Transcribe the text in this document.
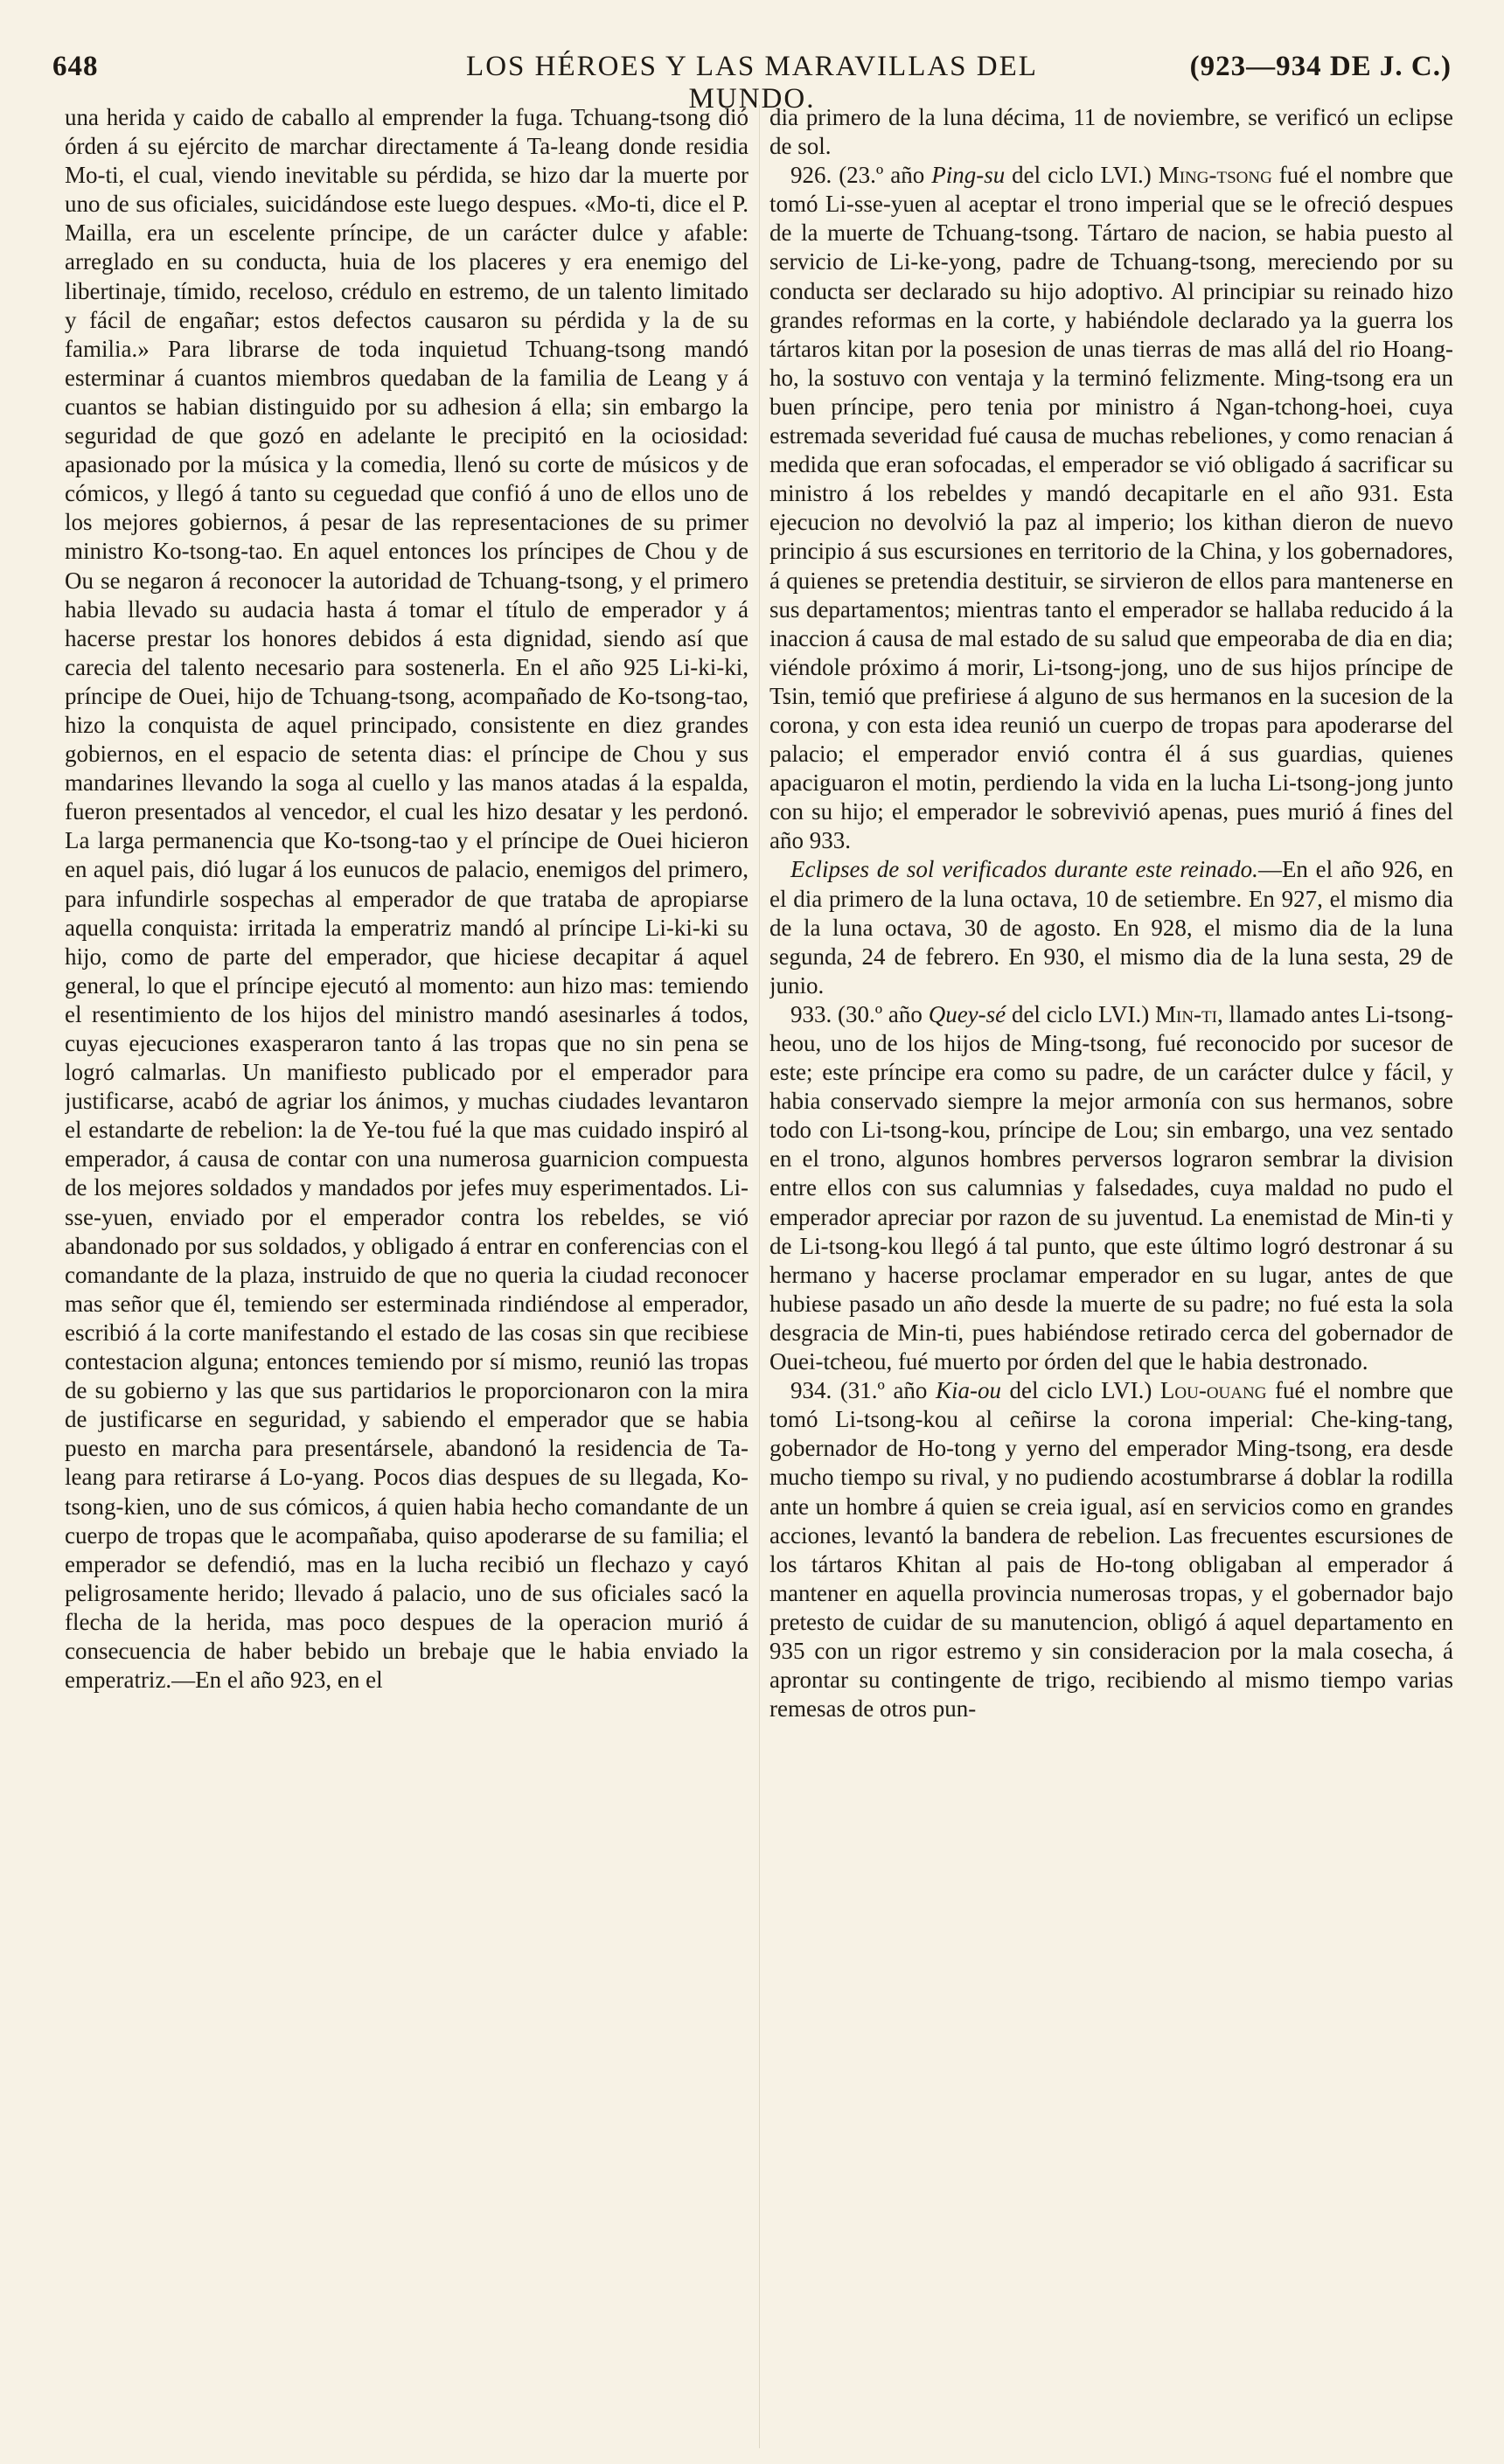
648	LOS HÉROES Y LAS MARAVILLAS DEL MUNDO.
(923—934 DE J. C.)

una herida y caido de caballo al emprender la fuga. Tchuang-tsong dió órden á su ejército de marchar directamente á Ta-leang donde residia Mo-ti, el cual, viendo inevitable su pérdida, se hizo dar la muerte por uno de sus oficiales, suicidándose este luego despues. «Mo-ti, dice el P. Mailla, era un escelente príncipe, de un carácter dulce y afable: arreglado en su conducta, huia de los placeres y era enemigo del libertinaje, tímido, receloso, crédulo en estremo, de un talento limitado y fácil de engañar; estos defectos causaron su pérdida y la de su familia.» Para librarse de toda inquietud Tchuang-tsong mandó esterminar á cuantos miembros quedaban de la familia de Leang y á cuantos se habian distinguido por su adhesion á ella; sin embargo la seguridad de que gozó en adelante le precipitó en la ociosidad: apasionado por la música y la comedia, llenó su corte de músicos y de cómicos, y llegó á tanto su ceguedad que confió á uno de ellos uno de los mejores gobiernos, á pesar de las representaciones de su primer ministro Ko-tsong-tao. En aquel entonces los príncipes de Chou y de Ou se negaron á reconocer la autoridad de Tchuang-tsong, y el primero habia llevado su audacia hasta á tomar el título de emperador y á hacerse prestar los honores debidos á esta dignidad, siendo así que carecia del talento necesario para sostenerla. En el año 925 Li-ki-ki, príncipe de Ouei, hijo de Tchuang-tsong, acompañado de Ko-tsong-tao, hizo la conquista de aquel principado, consistente en diez grandes gobiernos, en el espacio de setenta dias: el príncipe de Chou y sus mandarines llevando la soga al cuello y las manos atadas á la espalda, fueron presentados al vencedor, el cual les hizo desatar y les perdonó. La larga permanencia que Ko-tsong-tao y el príncipe de Ouei hicieron en aquel pais, dió lugar á los eunucos de palacio, enemigos del primero, para infundirle sospechas al emperador de que trataba de apropiarse aquella conquista: irritada la emperatriz mandó al príncipe Li-ki-ki su hijo, como de parte del emperador, que hiciese decapitar á aquel general, lo que el príncipe ejecutó al momento: aun hizo mas: temiendo el resentimiento de los hijos del ministro mandó asesinarles á todos, cuyas ejecuciones exasperaron tanto á las tropas que no sin pena se logró calmarlas. Un manifiesto publicado por el emperador para justificarse, acabó de agriar los ánimos, y muchas ciudades levantaron el estandarte de rebelion: la de Ye-tou fué la que mas cuidado inspiró al emperador, á causa de contar con una numerosa guarnicion compuesta de los mejores soldados y mandados por jefes muy esperimentados. Li-sse-yuen, enviado por el emperador contra los rebeldes, se vió abandonado por sus soldados, y obligado á entrar en conferencias con el comandante de la plaza, instruido de que no queria la ciudad reconocer mas señor que él, temiendo ser esterminada rindiéndose al emperador, escribió á la corte manifestando el estado de las cosas sin que recibiese contestacion alguna; entonces temiendo por sí mismo, reunió las tropas de su gobierno y las que sus partidarios le proporcionaron con la mira de justificarse en seguridad, y sabiendo el emperador que se habia puesto en marcha para presentársele, abandonó la residencia de Ta-leang para retirarse á Lo-yang. Pocos dias despues de su llegada, Ko-tsong-kien, uno de sus cómicos, á quien habia hecho comandante de un cuerpo de tropas que le acompañaba, quiso apoderarse de su familia; el emperador se defendió, mas en la lucha recibió un flechazo y cayó peligrosamente herido; llevado á palacio, uno de sus oficiales sacó la flecha de la herida, mas poco despues de la operacion murió á consecuencia de haber bebido un brebaje que le habia enviado la emperatriz.—En el año 923, en el

dia primero de la luna décima, 11 de noviembre, se verificó un eclipse de sol.

926. (23.º año Ping-su del ciclo LVI.) Ming-tsong fué el nombre que tomó Li-sse-yuen al aceptar el trono imperial que se le ofreció despues de la muerte de Tchuang-tsong. Tártaro de nacion, se habia puesto al servicio de Li-ke-yong, padre de Tchuang-tsong, mereciendo por su conducta ser declarado su hijo adoptivo. Al principiar su reinado hizo grandes reformas en la corte, y habiéndole declarado ya la guerra los tártaros kitan por la posesion de unas tierras de mas allá del rio Hoang-ho, la sostuvo con ventaja y la terminó felizmente. Ming-tsong era un buen príncipe, pero tenia por ministro á Ngan-tchong-hoei, cuya estremada severidad fué causa de muchas rebeliones, y como renacian á medida que eran sofocadas, el emperador se vió obligado á sacrificar su ministro á los rebeldes y mandó decapitarle en el año 931. Esta ejecucion no devolvió la paz al imperio; los kithan dieron de nuevo principio á sus escursiones en territorio de la China, y los gobernadores, á quienes se pretendia destituir, se sirvieron de ellos para mantenerse en sus departamentos; mientras tanto el emperador se hallaba reducido á la inaccion á causa de mal estado de su salud que empeoraba de dia en dia; viéndole próximo á morir, Li-tsong-jong, uno de sus hijos príncipe de Tsin, temió que prefiriese á alguno de sus hermanos en la sucesion de la corona, y con esta idea reunió un cuerpo de tropas para apoderarse del palacio; el emperador envió contra él á sus guardias, quienes apaciguaron el motin, perdiendo la vida en la lucha Li-tsong-jong junto con su hijo; el emperador le sobrevivió apenas, pues murió á fines del año 933.

Eclipses de sol verificados durante este reinado.—En el año 926, en el dia primero de la luna octava, 10 de setiembre. En 927, el mismo dia de la luna octava, 30 de agosto. En 928, el mismo dia de la luna segunda, 24 de febrero. En 930, el mismo dia de la luna sesta, 29 de junio.

933. (30.º año Quey-sé del ciclo LVI.) Min-ti, llamado antes Li-tsong-heou, uno de los hijos de Ming-tsong, fué reconocido por sucesor de este; este príncipe era como su padre, de un carácter dulce y fácil, y habia conservado siempre la mejor armonía con sus hermanos, sobre todo con Li-tsong-kou, príncipe de Lou; sin embargo, una vez sentado en el trono, algunos hombres perversos lograron sembrar la division entre ellos con sus calumnias y falsedades, cuya maldad no pudo el emperador apreciar por razon de su juventud. La enemistad de Min-ti y de Li-tsong-kou llegó á tal punto, que este último logró destronar á su hermano y hacerse proclamar emperador en su lugar, antes de que hubiese pasado un año desde la muerte de su padre; no fué esta la sola desgracia de Min-ti, pues habiéndose retirado cerca del gobernador de Ouei-tcheou, fué muerto por órden del que le habia destronado.

934. (31.º año Kia-ou del ciclo LVI.) Lou-ouang fué el nombre que tomó Li-tsong-kou al ceñirse la corona imperial: Che-king-tang, gobernador de Ho-tong y yerno del emperador Ming-tsong, era desde mucho tiempo su rival, y no pudiendo acostumbrarse á doblar la rodilla ante un hombre á quien se creia igual, así en servicios como en grandes acciones, levantó la bandera de rebelion. Las frecuentes escursiones de los tártaros Khitan al pais de Ho-tong obligaban al emperador á mantener en aquella provincia numerosas tropas, y el gobernador bajo pretesto de cuidar de su manutencion, obligó á aquel departamento en 935 con un rigor estremo y sin consideracion por la mala cosecha, á aprontar su contingente de trigo, recibiendo al mismo tiempo varias remesas de otros pun-
